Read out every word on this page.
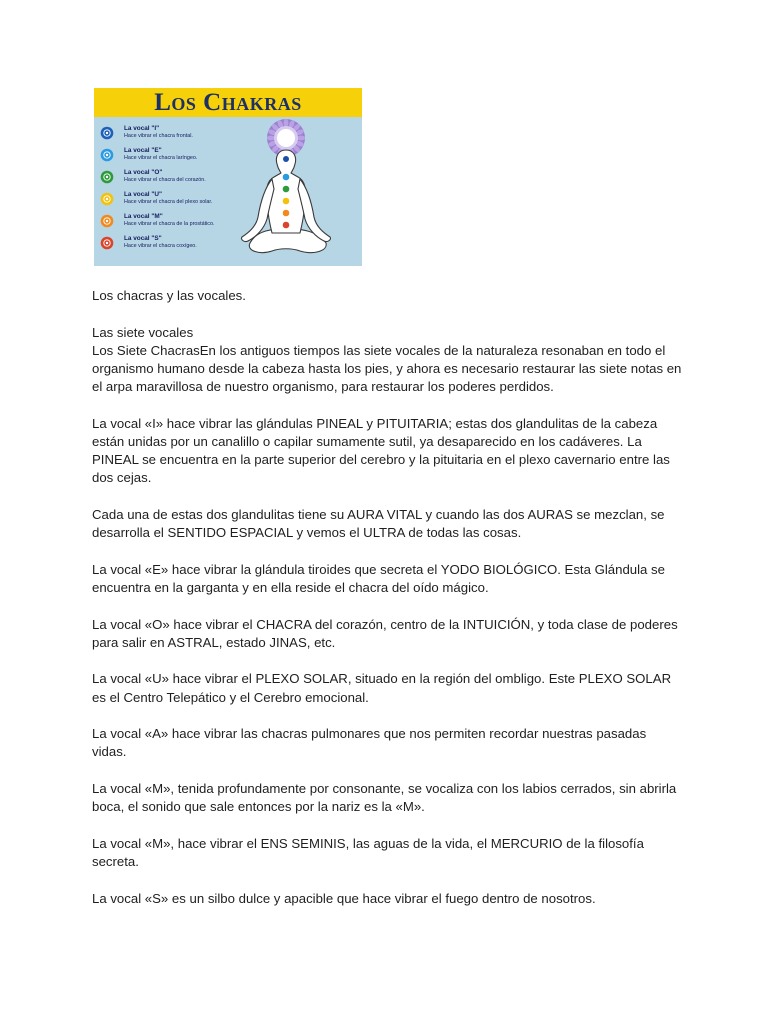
Los Chakras
La vocal "I"
Hace vibrar el chacra frontal.
La vocal "E"
Hace vibrar el chacra laríngeo.
La vocal "O"
Hace vibrar el chacra del corazón.
La vocal "U"
Hace vibrar el chacra del plexo solar.
La vocal "M"
Hace vibrar el chacra de la prostático.
La vocal "S"
Hace vibrar el chacra coxígeo.

Los chacras y las vocales.

Las siete vocales

Los Siete ChacrasEn los antiguos tiempos las siete vocales de la naturaleza resonaban en todo el organismo humano desde la cabeza hasta los pies, y ahora es necesario restaurar las siete notas en el arpa maravillosa de nuestro organismo, para restaurar los poderes perdidos.

La vocal «I» hace vibrar las glándulas PINEAL y PITUITARIA; estas dos glandulitas de la cabeza están unidas por un canalillo o capilar sumamente sutil, ya desaparecido en los cadáveres. La PINEAL se encuentra en la parte superior del cerebro y la pituitaria en el plexo cavernario entre las dos cejas.

Cada una de estas dos glandulitas tiene su AURA VITAL y cuando las dos AURAS se mezclan, se desarrolla el SENTIDO ESPACIAL y vemos el ULTRA de todas las cosas.

La vocal «E» hace vibrar la glándula tiroides que secreta el YODO BIOLÓGICO. Esta Glándula se encuentra en la garganta y en ella reside el chacra del oído mágico.

La vocal «O» hace vibrar el CHACRA del corazón, centro de la INTUICIÓN, y toda clase de poderes para salir en ASTRAL, estado JINAS, etc.

La vocal «U» hace vibrar el PLEXO SOLAR, situado en la región del ombligo. Este PLEXO SOLAR es el Centro Telepático y el Cerebro emocional.

La vocal «A» hace vibrar las chacras pulmonares que nos permiten recordar nuestras pasadas vidas.

La vocal «M», tenida profundamente por consonante, se vocaliza con los labios cerrados, sin abrirla boca, el sonido que sale entonces por la nariz es la «M».

La vocal «M», hace vibrar el ENS SEMINIS, las aguas de la vida, el MERCURIO de la filosofía secreta.

La vocal «S» es un silbo dulce y apacible que hace vibrar el fuego dentro de nosotros.
